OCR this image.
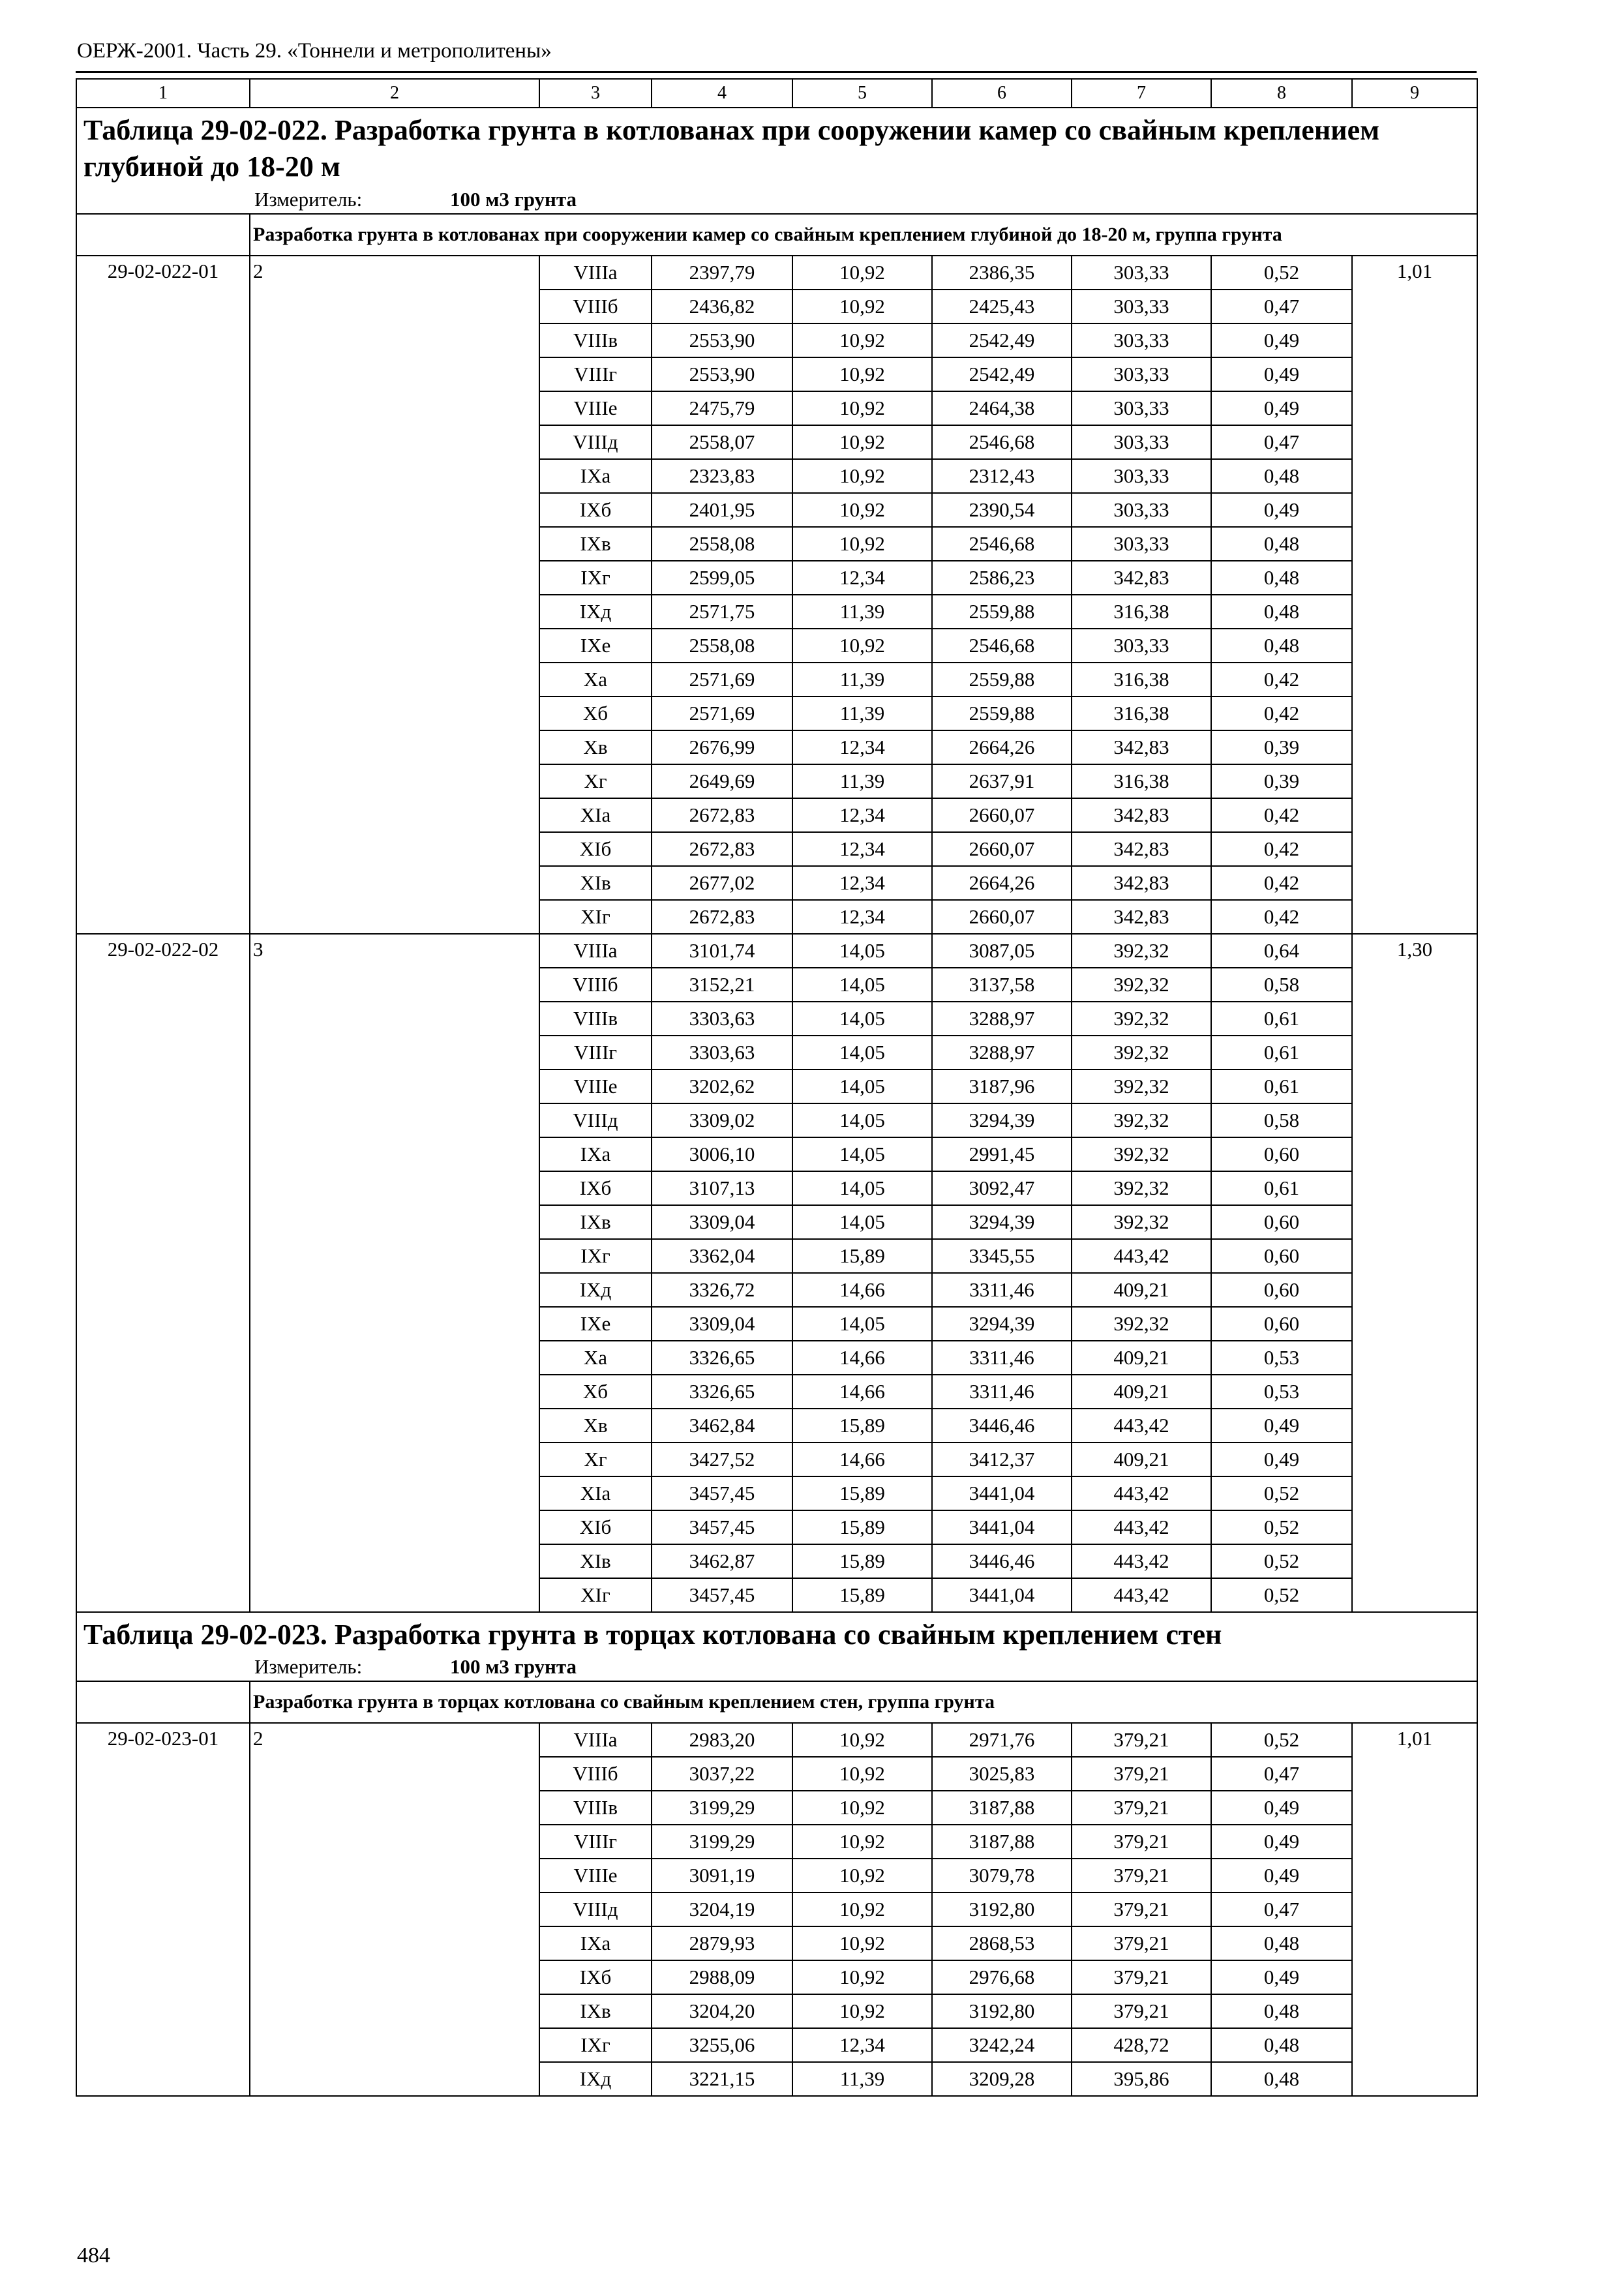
ОЕРЖ-2001. Часть 29. «Тоннели и метрополитены»
1	2	3	4	5	6	7	8	9
Таблица 29-02-022. Разработка грунта в котлованах при сооружении камер со свайным креплением глубиной до 18-20 м								

Измеритель: 100 м3 грунта								

	Разработка грунта в котлованах при сооружении камер со свайным креплением глубиной до 18-20 м, группа грунта							
29-02-022-01	2	VIIIа	2397,79	10,92	2386,35	303,33	0,52	1,01
		VIIIб	2436,82	10,92	2425,43	303,33	0,47	
		VIIIв	2553,90	10,92	2542,49	303,33	0,49	
		VIIIг	2553,90	10,92	2542,49	303,33	0,49	
		VIIIе	2475,79	10,92	2464,38	303,33	0,49	
		VIIIд	2558,07	10,92	2546,68	303,33	0,47	
		IXа	2323,83	10,92	2312,43	303,33	0,48	
		IXб	2401,95	10,92	2390,54	303,33	0,49	
		IXв	2558,08	10,92	2546,68	303,33	0,48	
		IXг	2599,05	12,34	2586,23	342,83	0,48	
		IXд	2571,75	11,39	2559,88	316,38	0,48	
		IXе	2558,08	10,92	2546,68	303,33	0,48	
		Xа	2571,69	11,39	2559,88	316,38	0,42	
		Xб	2571,69	11,39	2559,88	316,38	0,42	
		Xв	2676,99	12,34	2664,26	342,83	0,39	
		Xг	2649,69	11,39	2637,91	316,38	0,39	
		XIа	2672,83	12,34	2660,07	342,83	0,42	
		XIб	2672,83	12,34	2660,07	342,83	0,42	
		XIв	2677,02	12,34	2664,26	342,83	0,42	
		XIг	2672,83	12,34	2660,07	342,83	0,42	
29-02-022-02	3	VIIIа	3101,74	14,05	3087,05	392,32	0,64	1,30
		VIIIб	3152,21	14,05	3137,58	392,32	0,58	
		VIIIв	3303,63	14,05	3288,97	392,32	0,61	
		VIIIг	3303,63	14,05	3288,97	392,32	0,61	
		VIIIе	3202,62	14,05	3187,96	392,32	0,61	
		VIIIд	3309,02	14,05	3294,39	392,32	0,58	
		IXа	3006,10	14,05	2991,45	392,32	0,60	
		IXб	3107,13	14,05	3092,47	392,32	0,61	
		IXв	3309,04	14,05	3294,39	392,32	0,60	
		IXг	3362,04	15,89	3345,55	443,42	0,60	
		IXд	3326,72	14,66	3311,46	409,21	0,60	
		IXе	3309,04	14,05	3294,39	392,32	0,60	
		Xа	3326,65	14,66	3311,46	409,21	0,53	
		Xб	3326,65	14,66	3311,46	409,21	0,53	
		Xв	3462,84	15,89	3446,46	443,42	0,49	
		Xг	3427,52	14,66	3412,37	409,21	0,49	
		XIа	3457,45	15,89	3441,04	443,42	0,52	
		XIб	3457,45	15,89	3441,04	443,42	0,52	
		XIв	3462,87	15,89	3446,46	443,42	0,52	
		XIг	3457,45	15,89	3441,04	443,42	0,52	
Таблица 29-02-023. Разработка грунта в торцах котлована со свайным креплением стен								

Измеритель: 100 м3 грунта								

	Разработка грунта в торцах котлована со свайным креплением стен, группа грунта							
29-02-023-01	2	VIIIа	2983,20	10,92	2971,76	379,21	0,52	1,01
		VIIIб	3037,22	10,92	3025,83	379,21	0,47	
		VIIIв	3199,29	10,92	3187,88	379,21	0,49	
		VIIIг	3199,29	10,92	3187,88	379,21	0,49	
		VIIIе	3091,19	10,92	3079,78	379,21	0,49	
		VIIIд	3204,19	10,92	3192,80	379,21	0,47	
		IXа	2879,93	10,92	2868,53	379,21	0,48	
		IXб	2988,09	10,92	2976,68	379,21	0,49	
		IXв	3204,20	10,92	3192,80	379,21	0,48	
		IXг	3255,06	12,34	3242,24	428,72	0,48	
		IXд	3221,15	11,39	3209,28	395,86	0,48	
484
